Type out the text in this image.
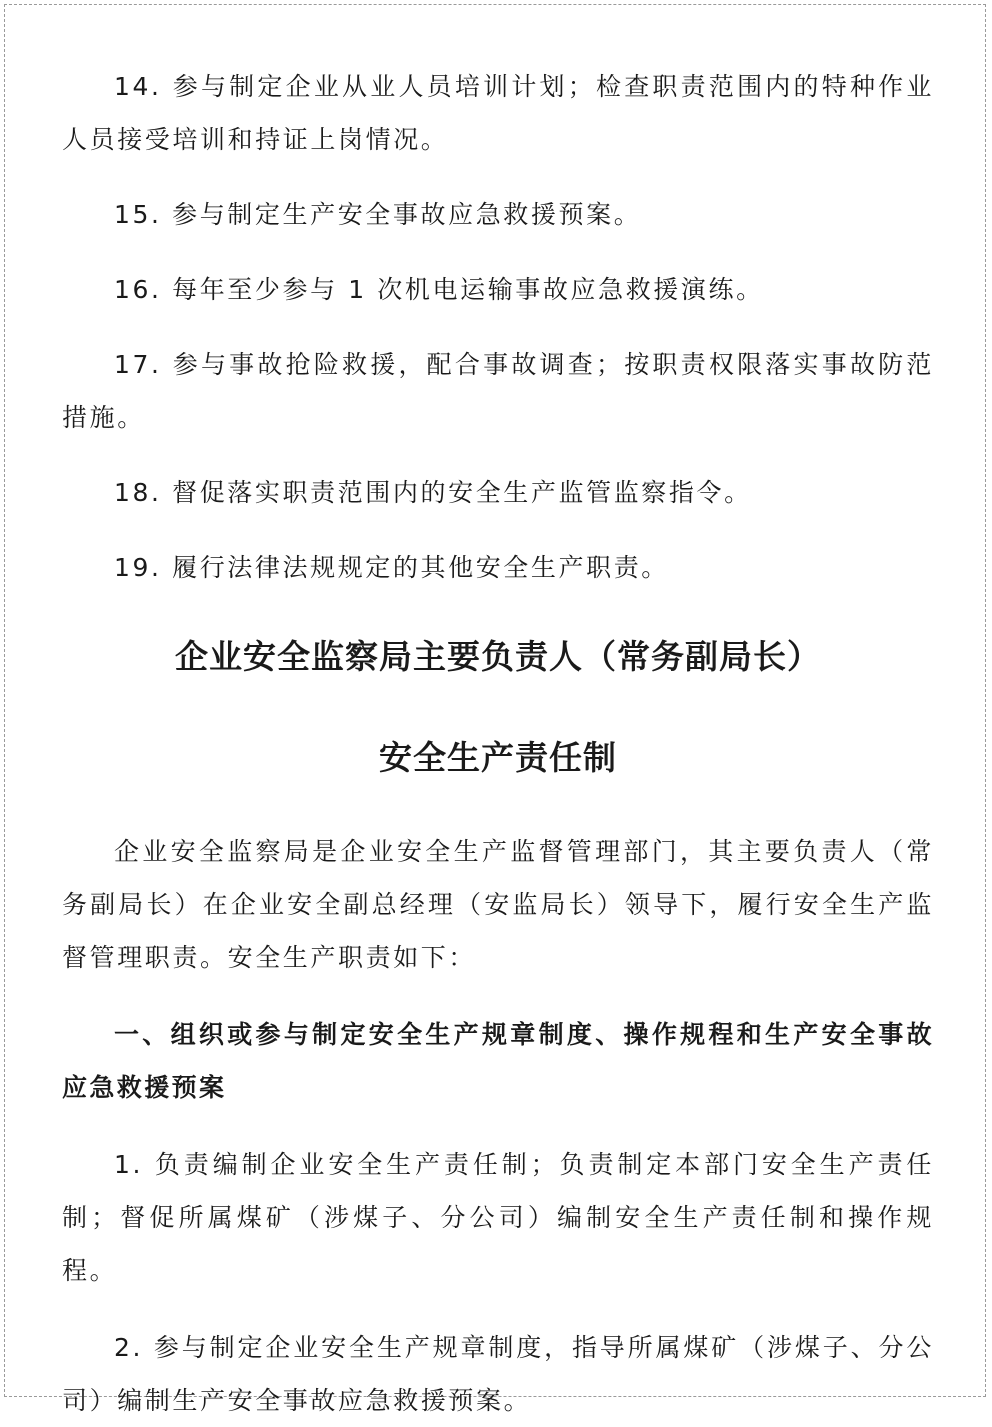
14. 参与制定企业从业人员培训计划；检查职责范围内的特种作业人员接受培训和持证上岗情况。

15. 参与制定生产安全事故应急救援预案。

16. 每年至少参与 1 次机电运输事故应急救援演练。

17. 参与事故抢险救援，配合事故调查；按职责权限落实事故防范措施。

18. 督促落实职责范围内的安全生产监管监察指令。

19. 履行法律法规规定的其他安全生产职责。

企业安全监察局主要负责人（常务副局长）
安全生产责任制

企业安全监察局是企业安全生产监督管理部门，其主要负责人（常务副局长）在企业安全副总经理（安监局长）领导下，履行安全生产监督管理职责。安全生产职责如下：

一、组织或参与制定安全生产规章制度、操作规程和生产安全事故应急救援预案

1. 负责编制企业安全生产责任制；负责制定本部门安全生产责任制；督促所属煤矿（涉煤子、分公司）编制安全生产责任制和操作规程。

2. 参与制定企业安全生产规章制度，指导所属煤矿（涉煤子、分公司）编制生产安全事故应急救援预案。
